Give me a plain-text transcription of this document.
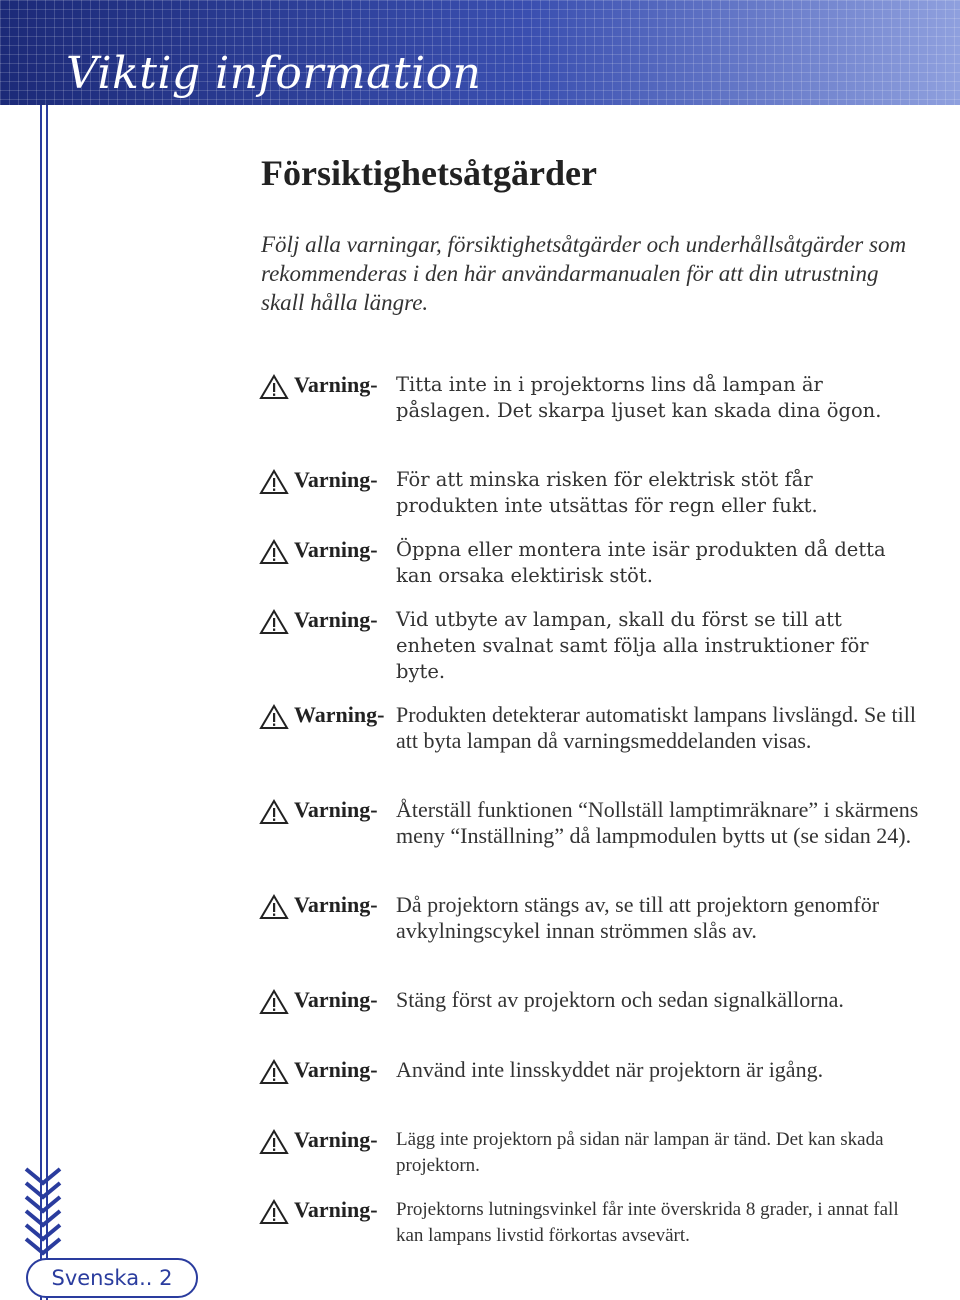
Viktig information
Försiktighetsåtgärder
Följ alla varningar, försiktighetsåtgärder och underhållsåtgärder som rekommenderas i den här användarmanualen för att din utrustning skall hålla längre.
Varning- Titta inte in i projektorns lins då lampan är påslagen. Det skarpa ljuset kan skada dina ögon.
Varning- För att minska risken för elektrisk stöt får produkten inte utsättas för regn eller fukt.
Varning- Öppna eller montera inte isär produkten då detta kan orsaka elektirisk stöt.
Varning- Vid utbyte av lampan, skall du först se till att enheten svalnat samt följa alla instruktioner för byte.
Warning- Produkten detekterar automatiskt lampans livslängd. Se till att byta lampan då varningsmeddelanden visas.
Varning- Återställ funktionen “Nollställ lamptimräknare” i skärmens meny “Inställning” då lampmodulen bytts ut (se sidan 24).
Varning- Då projektorn stängs av, se till att projektorn genomför avkylningscykel innan strömmen slås av.
Varning- Stäng först av projektorn och sedan signalkällorna.
Varning- Använd inte linsskyddet när projektorn är igång.
Varning- Lägg inte projektorn på sidan när lampan är tänd. Det kan skada projektorn.
Varning- Projektorns lutningsvinkel får inte överskrida 8 grader, i annat fall kan lampans livstid förkortas avsevärt.
Svenska.. 2
